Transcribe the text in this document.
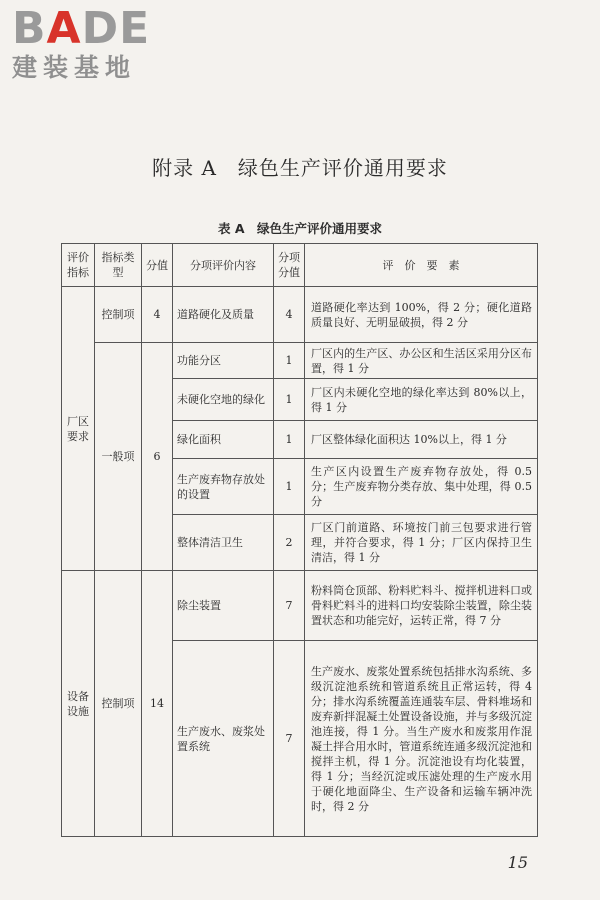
BADE
建装基地
附录 A　绿色生产评价通用要求
表 A　绿色生产评价通用要求
评价指标	指标类型	分值	分项评价内容	分项分值	评　价　要　素
厂区要求	控制项	4	道路硬化及质量	4	道路硬化率达到 100%，得 2 分；硬化道路质量良好、无明显破损，得 2 分
	一般项	6	功能分区	1	厂区内的生产区、办公区和生活区采用分区布置，得 1 分
			未硬化空地的绿化	1	厂区内未硬化空地的绿化率达到 80%以上，得 1 分
			绿化面积	1	厂区整体绿化面积达 10%以上，得 1 分
			生产废弃物存放处的设置	1	生产区内设置生产废弃物存放处，得 0.5 分；生产废弃物分类存放、集中处理，得 0.5 分
			整体清洁卫生	2	厂区门前道路、环境按门前三包要求进行管理，并符合要求，得 1 分；厂区内保持卫生清洁，得 1 分
设备设施	控制项	14	除尘装置	7	粉料筒仓顶部、粉料贮料斗、搅拌机进料口或骨料贮料斗的进料口均安装除尘装置，除尘装置状态和功能完好，运转正常，得 7 分
			生产废水、废浆处置系统	7	生产废水、废浆处置系统包括排水沟系统、多级沉淀池系统和管道系统且正常运转，得 4 分；排水沟系统覆盖连通装车层、骨料堆场和废弃新拌混凝土处置设备设施，并与多级沉淀池连接，得 1 分。当生产废水和废浆用作混凝土拌合用水时，管道系统连通多级沉淀池和搅拌主机，得 1 分。沉淀池设有均化装置，得 1 分；当经沉淀或压滤处理的生产废水用于硬化地面降尘、生产设备和运输车辆冲洗时，得 2 分
15
